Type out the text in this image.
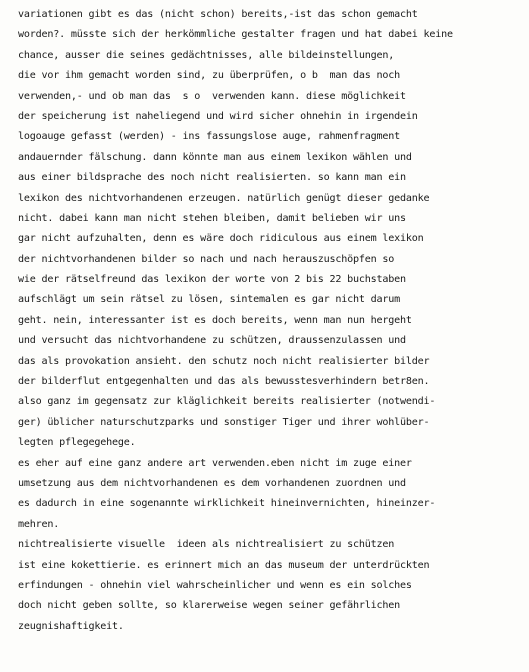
variationen gibt es das (nicht schon) bereits,-ist das schon gemacht
worden?. müsste sich der herkömmliche gestalter fragen und hat dabei keine
chance, ausser die seines gedächtnisses, alle bildeinstellungen,
die vor ihm gemacht worden sind, zu überprüfen, o b  man das noch
verwenden,- und ob man das  s o  verwenden kann. diese möglichkeit
der speicherung ist naheliegend und wird sicher ohnehin in irgendein
logoauge gefasst (werden) - ins fassungslose auge, rahmenfragment
andauernder fälschung. dann könnte man aus einem lexikon wählen und
aus einer bildsprache des noch nicht realisierten. so kann man ein
lexikon des nichtvorhandenen erzeugen. natürlich genügt dieser gedanke
nicht. dabei kann man nicht stehen bleiben, damit belieben wir uns
gar nicht aufzuhalten, denn es wäre doch ridiculous aus einem lexikon
der nichtvorhandenen bilder so nach und nach herauszuschöpfen so
wie der rätselfreund das lexikon der worte von 2 bis 22 buchstaben
aufschlägt um sein rätsel zu lösen, sintemalen es gar nicht darum
geht. nein, interessanter ist es doch bereits, wenn man nun hergeht
und versucht das nichtvorhandene zu schützen, draussenzulassen und
das als provokation ansieht. den schutz noch nicht realisierter bilder
der bilderflut entgegenhalten und das als bewusstesverhindern betr8en.
also ganz im gegensatz zur kläglichkeit bereits realisierter (notwendi-
ger) üblicher naturschutzparks und sonstiger Tiger und ihrer wohlüber-
legten pflegegehege.
es eher auf eine ganz andere art verwenden.eben nicht im zuge einer
umsetzung aus dem nichtvorhandenen es dem vorhandenen zuordnen und
es dadurch in eine sogenannte wirklichkeit hineinvernichten, hineinzer-
mehren.
nichtrealisierte visuelle  ideen als nichtrealisiert zu schützen
ist eine kokettierie. es erinnert mich an das museum der unterdrückten
erfindungen - ohnehin viel wahrscheinlicher und wenn es ein solches
doch nicht geben sollte, so klarerweise wegen seiner gefährlichen
zeugnishaftigkeit.
